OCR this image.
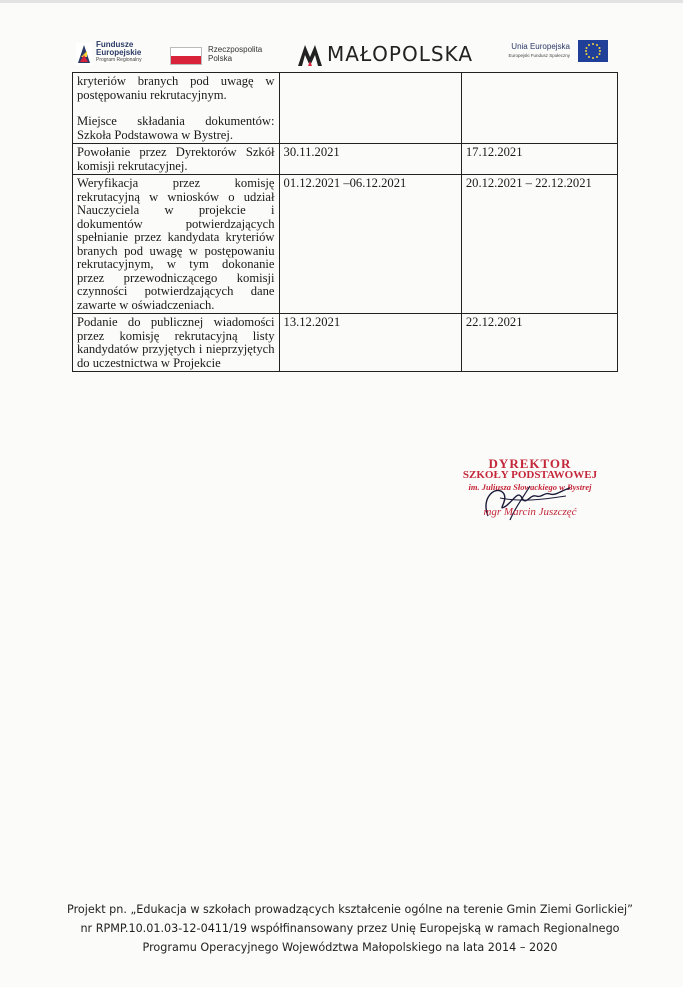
Fundusze
Europejskie
Program Regionalny
Rzeczpospolita
Polska	MAŁOPOLSKA	Unia Europejska
Europejski Fundusz Społeczny
kryteriów branych pod uwagę w postępowaniu rekrutacyjnym.
Miejsce składania dokumentów: Szkoła Podstawowa w Bystrej.		
Powołanie przez Dyrektorów Szkół komisji rekrutacyjnej.	30.11.2021	17.12.2021
Weryfikacja przez komisję rekrutacyjną w wniosków o udział Nauczyciela w projekcie i dokumentów potwierdzających spełnianie przez kandydata kryteriów branych pod uwagę w postępowaniu rekrutacyjnym, w tym dokonanie przez przewodniczącego komisji czynności potwierdzających dane zawarte w oświadczeniach.	01.12.2021 –06.12.2021	20.12.2021 – 22.12.2021
Podanie do publicznej wiadomości przez komisję rekrutacyjną listy kandydatów przyjętych i nieprzyjętych do uczestnictwa w Projekcie	13.12.2021	22.12.2021
DYREKTOR
SZKOŁY PODSTAWOWEJ
im. Juliusza Słowackiego w Bystrej
mgr Marcin Juszczęć
Projekt pn. „Edukacja w szkołach prowadzących kształcenie ogólne na terenie Gmin Ziemi Gorlickiej”
nr RPMP.10.01.03-12-0411/19 współfinansowany przez Unię Europejską w ramach Regionalnego
Programu Operacyjnego Województwa Małopolskiego na lata 2014 – 2020
